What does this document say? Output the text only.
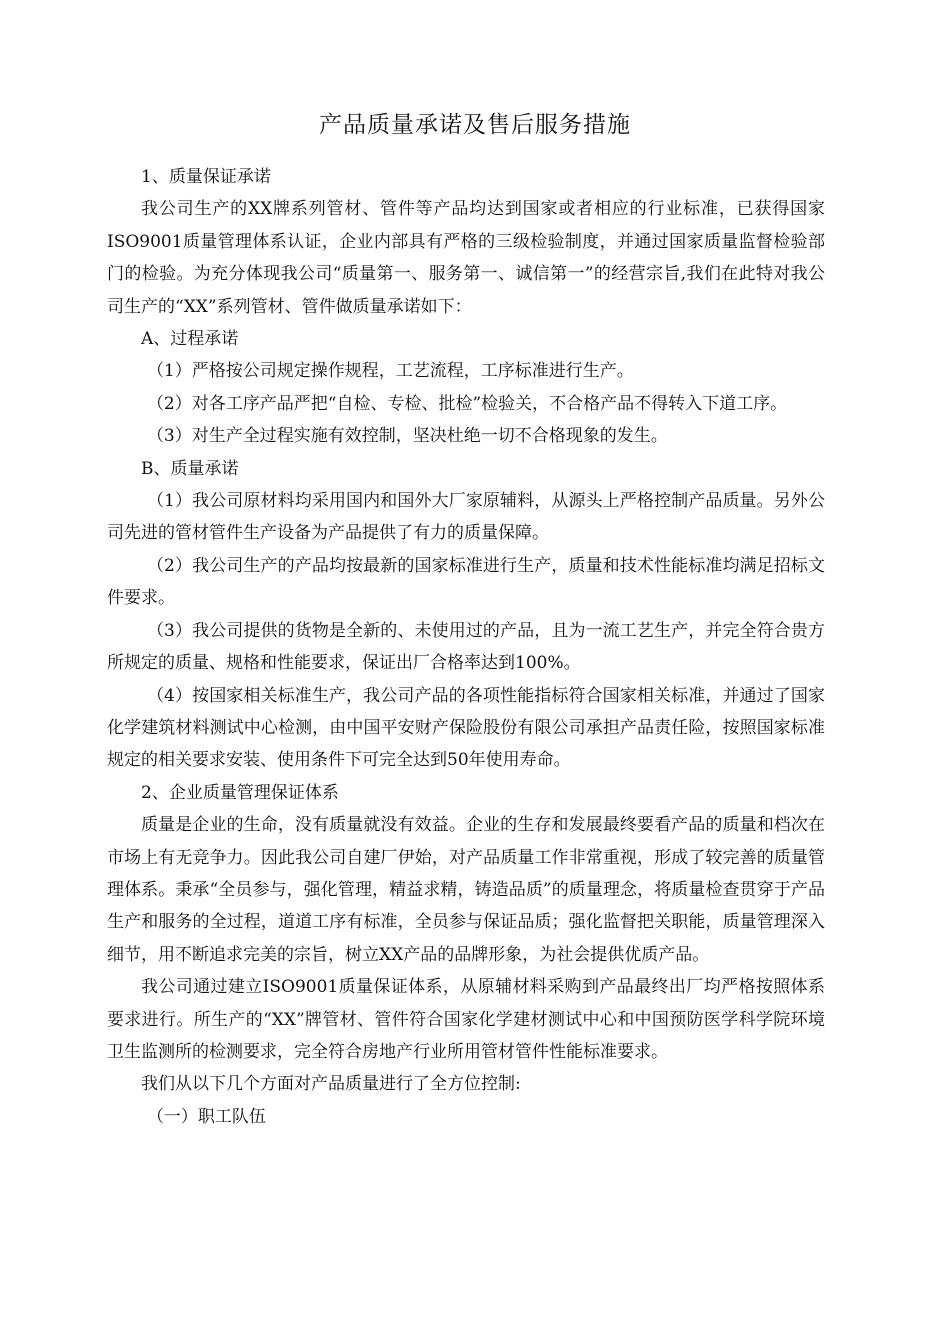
产品质量承诺及售后服务措施

1、质量保证承诺

我公司生产的XX牌系列管材、管件等产品均达到国家或者相应的行业标准，已获得国家ISO9001质量管理体系认证，企业内部具有严格的三级检验制度，并通过国家质量监督检验部门的检验。为充分体现我公司“质量第一、服务第一、诚信第一”的经营宗旨,我们在此特对我公司生产的“XX”系列管材、管件做质量承诺如下：

A、过程承诺

（1）严格按公司规定操作规程，工艺流程，工序标准进行生产。

（2）对各工序产品严把“自检、专检、批检”检验关，不合格产品不得转入下道工序。

（3）对生产全过程实施有效控制，坚决杜绝一切不合格现象的发生。

B、质量承诺

（1）我公司原材料均采用国内和国外大厂家原辅料，从源头上严格控制产品质量。另外公司先进的管材管件生产设备为产品提供了有力的质量保障。

（2）我公司生产的产品均按最新的国家标准进行生产，质量和技术性能标准均满足招标文件要求。

（3）我公司提供的货物是全新的、未使用过的产品，且为一流工艺生产，并完全符合贵方所规定的质量、规格和性能要求，保证出厂合格率达到100%。

（4）按国家相关标准生产，我公司产品的各项性能指标符合国家相关标准，并通过了国家化学建筑材料测试中心检测，由中国平安财产保险股份有限公司承担产品责任险，按照国家标准规定的相关要求安装、使用条件下可完全达到50年使用寿命。

2、企业质量管理保证体系

质量是企业的生命，没有质量就没有效益。企业的生存和发展最终要看产品的质量和档次在市场上有无竞争力。因此我公司自建厂伊始，对产品质量工作非常重视，形成了较完善的质量管理体系。秉承“全员参与，强化管理，精益求精，铸造品质”的质量理念，将质量检查贯穿于产品生产和服务的全过程，道道工序有标准，全员参与保证品质；强化监督把关职能，质量管理深入细节，用不断追求完美的宗旨，树立XX产品的品牌形象，为社会提供优质产品。

我公司通过建立ISO9001质量保证体系，从原辅材料采购到产品最终出厂均严格按照体系要求进行。所生产的“XX”牌管材、管件符合国家化学建材测试中心和中国预防医学科学院环境卫生监测所的检测要求，完全符合房地产行业所用管材管件性能标准要求。

我们从以下几个方面对产品质量进行了全方位控制:

（一）职工队伍
